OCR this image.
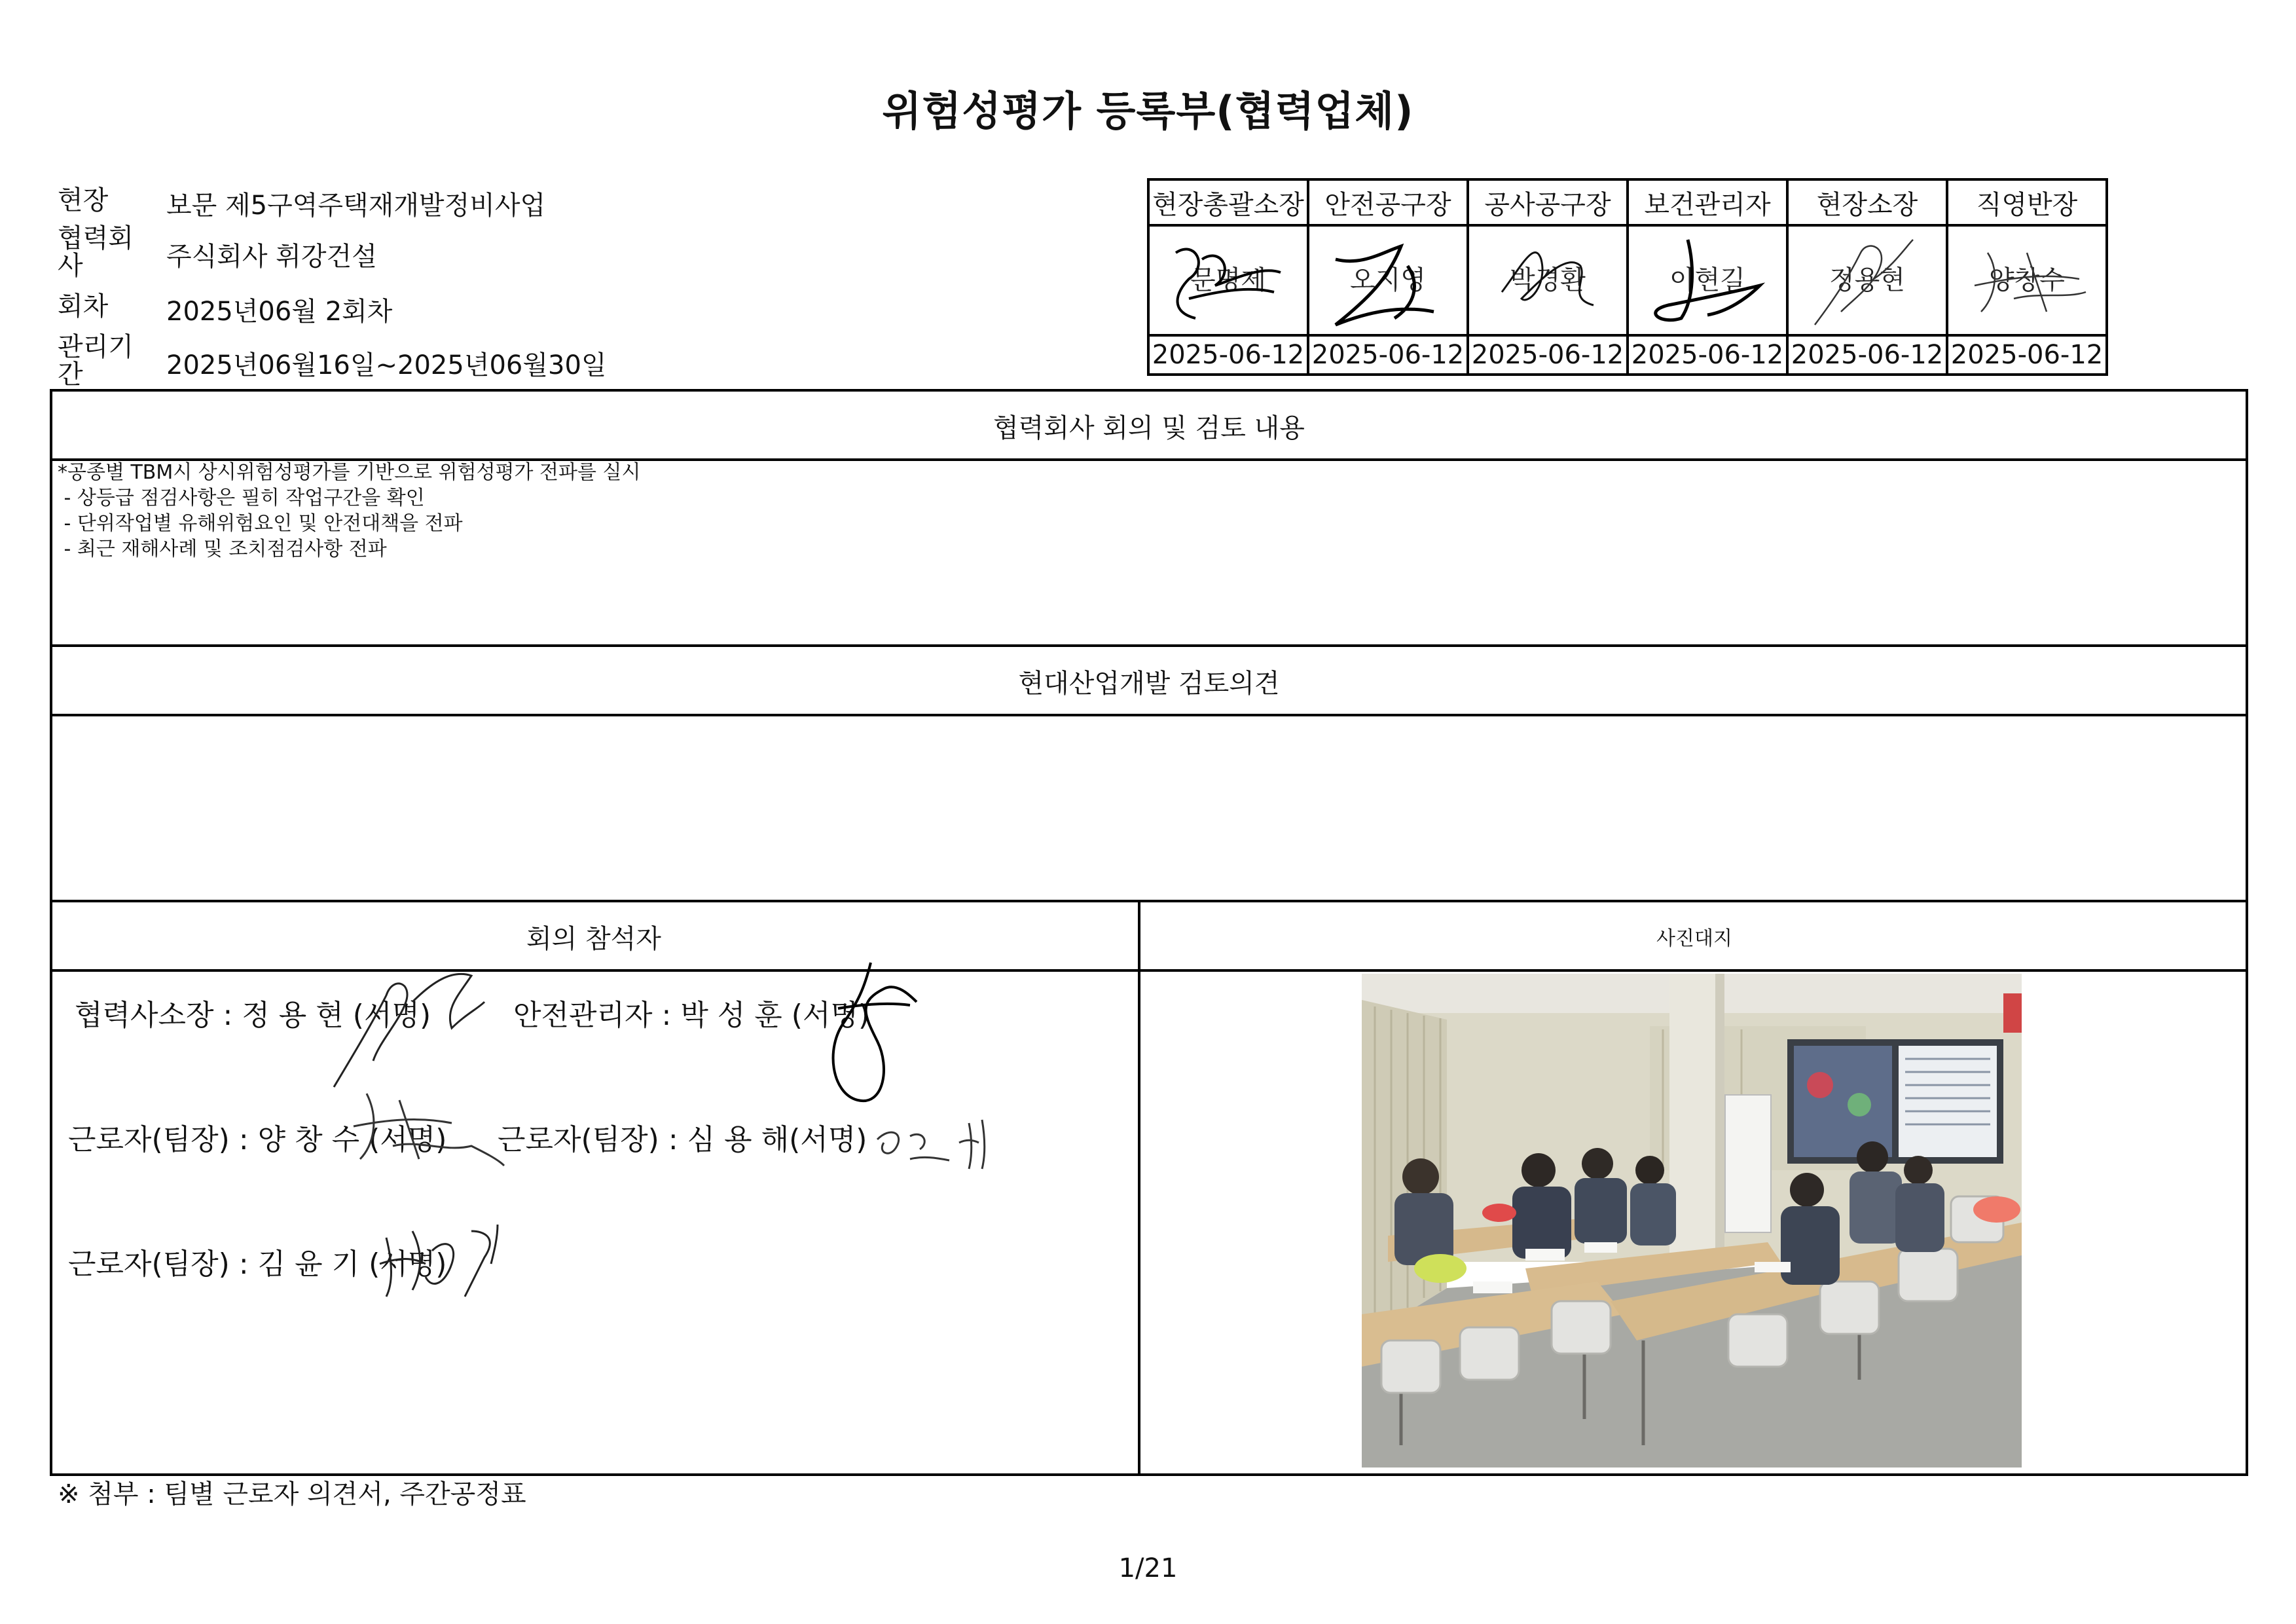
위험성평가 등록부(협력업체)
현장 보문 제5구역주택재개발정비사업
협력회
사	주식회사 휘강건설
회차 2025년06월 2회차
관리기
간	2025년06월16일~2025년06월30일
현장총괄소장	안전공구장	공사공구장	보건관리자	현장소장	직영반장

문명제	오지영	박경환	이현길	정용현	양창수

2025-06-12	2025-06-12	2025-06-12	2025-06-12	2025-06-12	2025-06-12
협력회사 회의 및 검토 내용
*공종별 TBM시 상시위험성평가를 기반으로 위험성평가 전파를 실시
- 상등급 점검사항은 필히 작업구간을 확인
- 단위작업별 유해위험요인 및 안전대책을 전파
- 최근 재해사례 및 조치점검사항 전파
현대산업개발 검토의견
회의 참석자	사진대지
협력사소장 : 정 용 현 (서명)	안전관리자 : 박 성 훈 (서명)
근로자(팀장) : 양 창 수 (서명) 근로자(팀장) : 심 용 해(서명)
근로자(팀장) : 김 윤 기 (서명)
※ 첨부 : 팀별 근로자 의견서, 주간공정표
1/21
